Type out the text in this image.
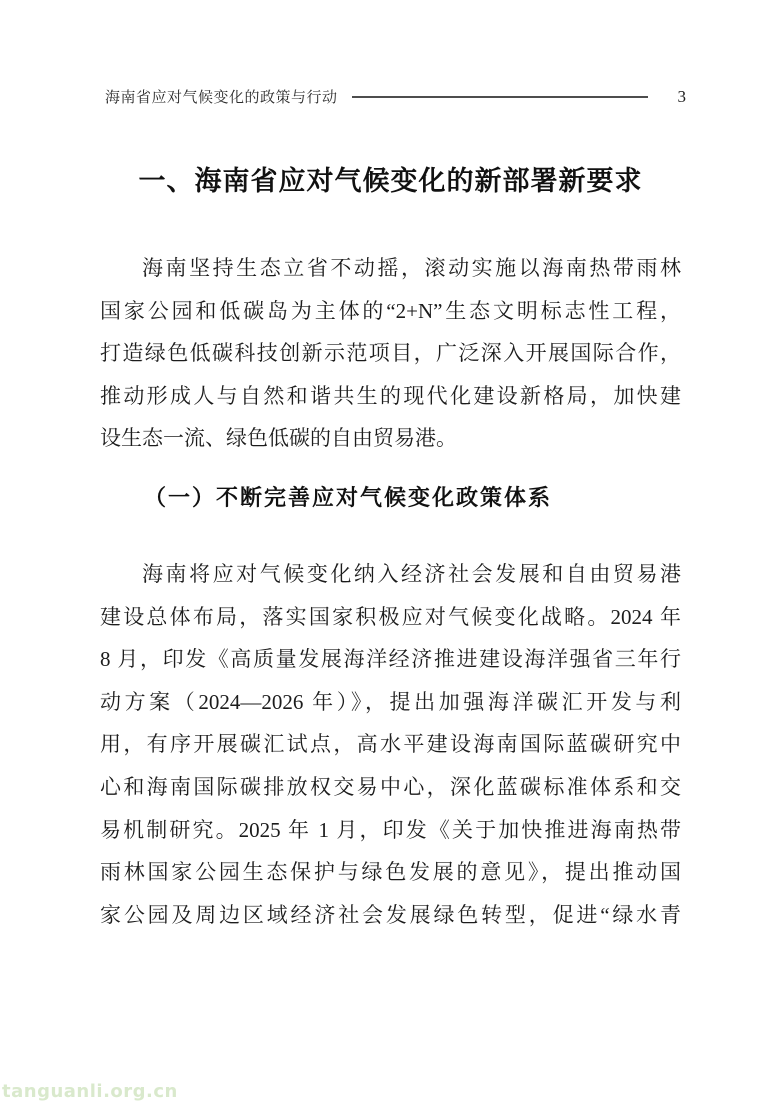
海南省应对气候变化的政策与行动	3
一、海南省应对气候变化的新部署新要求
海南坚持生态立省不动摇，滚动实施以海南热带雨林
国家公园和低碳岛为主体的“2+N”生态文明标志性工程，
打造绿色低碳科技创新示范项目，广泛深入开展国际合作，
推动形成人与自然和谐共生的现代化建设新格局，加快建
设生态一流、绿色低碳的自由贸易港。
（一）不断完善应对气候变化政策体系
海南将应对气候变化纳入经济社会发展和自由贸易港
建设总体布局，落实国家积极应对气候变化战略。2024 年
8 月，印发《高质量发展海洋经济推进建设海洋强省三年行
动方案（2024—2026 年）》，提出加强海洋碳汇开发与利
用，有序开展碳汇试点，高水平建设海南国际蓝碳研究中
心和海南国际碳排放权交易中心，深化蓝碳标准体系和交
易机制研究。2025 年 1 月，印发《关于加快推进海南热带
雨林国家公园生态保护与绿色发展的意见》，提出推动国
家公园及周边区域经济社会发展绿色转型，促进“绿水青
tanguanli.org.cn
